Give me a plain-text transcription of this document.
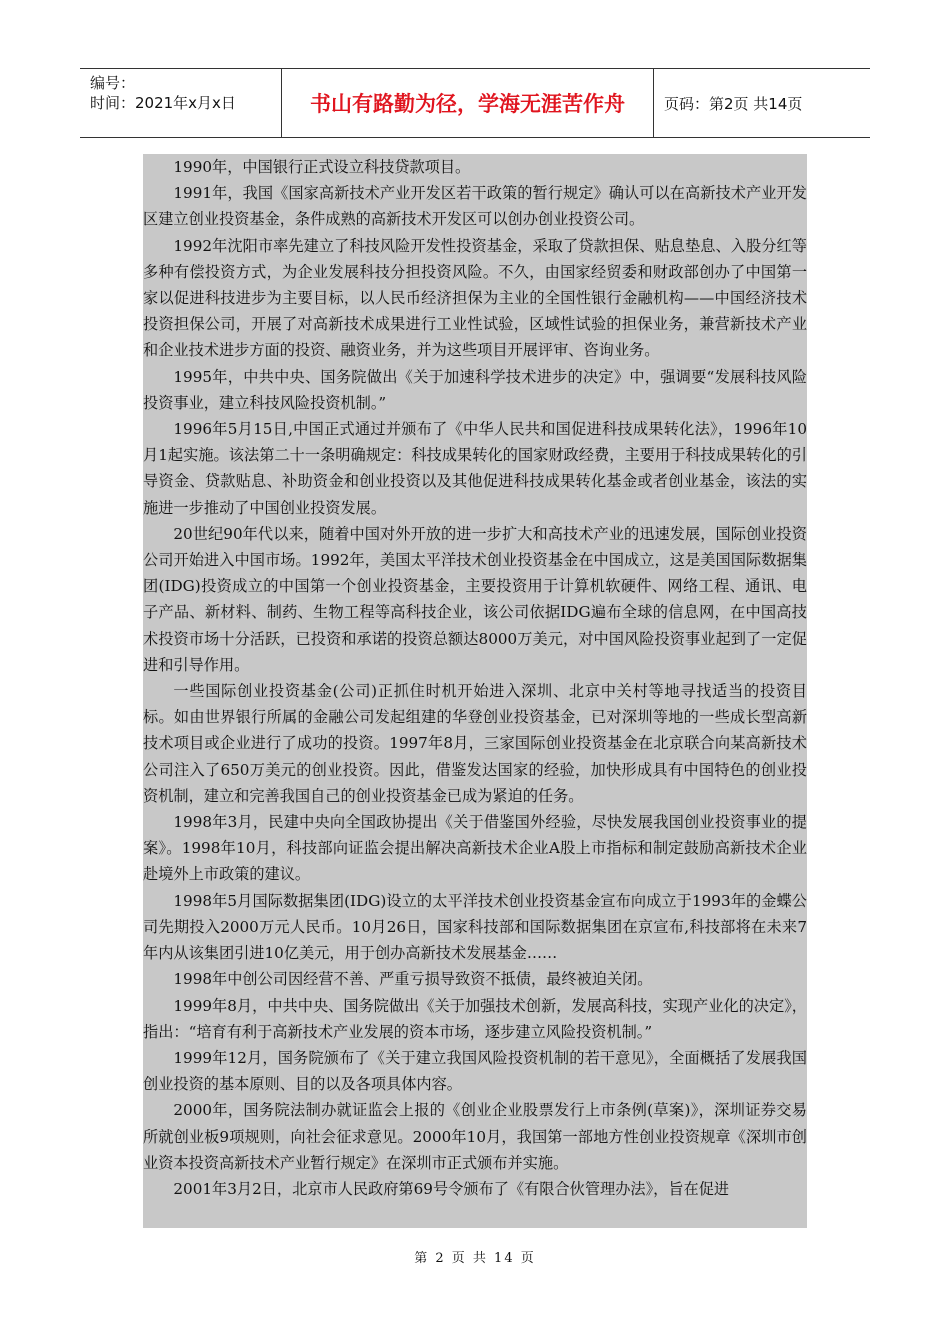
编号：
时间：2021年x月x日	书山有路勤为径，学海无涯苦作舟	页码：第2页 共14页

1990年，中国银行正式设立科技贷款项目。

1991年，我国《国家高新技术产业开发区若干政策的暂行规定》确认可以在高新技术产业开发区建立创业投资基金，条件成熟的高新技术开发区可以创办创业投资公司。

1992年沈阳市率先建立了科技风险开发性投资基金，采取了贷款担保、贴息垫息、入股分红等多种有偿投资方式，为企业发展科技分担投资风险。不久，由国家经贸委和财政部创办了中国第一家以促进科技进步为主要目标，以人民币经济担保为主业的全国性银行金融机构——中国经济技术投资担保公司，开展了对高新技术成果进行工业性试验，区域性试验的担保业务，兼营新技术产业和企业技术进步方面的投资、融资业务，并为这些项目开展评审、咨询业务。

1995年，中共中央、国务院做出《关于加速科学技术进步的决定》中，强调要“发展科技风险投资事业，建立科技风险投资机制。”

1996年5月15日,中国正式通过并颁布了《中华人民共和国促进科技成果转化法》，1996年10月1起实施。该法第二十一条明确规定：科技成果转化的国家财政经费，主要用于科技成果转化的引导资金、贷款贴息、补助资金和创业投资以及其他促进科技成果转化基金或者创业基金，该法的实施进一步推动了中国创业投资发展。

20世纪90年代以来，随着中国对外开放的进一步扩大和高技术产业的迅速发展，国际创业投资公司开始进入中国市场。1992年，美国太平洋技术创业投资基金在中国成立，这是美国国际数据集团(IDG)投资成立的中国第一个创业投资基金，主要投资用于计算机软硬件、网络工程、通讯、电子产品、新材料、制药、生物工程等高科技企业，该公司依据IDG遍布全球的信息网，在中国高技术投资市场十分活跃，已投资和承诺的投资总额达8000万美元，对中国风险投资事业起到了一定促进和引导作用。

一些国际创业投资基金(公司)正抓住时机开始进入深圳、北京中关村等地寻找适当的投资目标。如由世界银行所属的金融公司发起组建的华登创业投资基金，已对深圳等地的一些成长型高新技术项目或企业进行了成功的投资。1997年8月，三家国际创业投资基金在北京联合向某高新技术公司注入了650万美元的创业投资。因此，借鉴发达国家的经验，加快形成具有中国特色的创业投资机制，建立和完善我国自己的创业投资基金已成为紧迫的任务。

1998年3月，民建中央向全国政协提出《关于借鉴国外经验，尽快发展我国创业投资事业的提案》。1998年10月，科技部向证监会提出解决高新技术企业A股上市指标和制定鼓励高新技术企业赴境外上市政策的建议。

1998年5月国际数据集团(IDG)设立的太平洋技术创业投资基金宣布向成立于1993年的金蝶公司先期投入2000万元人民币。10月26日，国家科技部和国际数据集团在京宣布,科技部将在未来7年内从该集团引进10亿美元，用于创办高新技术发展基金……

1998年中创公司因经营不善、严重亏损导致资不抵债，最终被迫关闭。

1999年8月，中共中央、国务院做出《关于加强技术创新，发展高科技，实现产业化的决定》，指出：“培育有利于高新技术产业发展的资本市场，逐步建立风险投资机制。”

1999年12月，国务院颁布了《关于建立我国风险投资机制的若干意见》，全面概括了发展我国创业投资的基本原则、目的以及各项具体内容。

2000年，国务院法制办就证监会上报的《创业企业股票发行上市条例(草案)》，深圳证券交易所就创业板9项规则，向社会征求意见。2000年10月，我国第一部地方性创业投资规章《深圳市创业资本投资高新技术产业暂行规定》在深圳市正式颁布并实施。

2001年3月2日，北京市人民政府第69号令颁布了《有限合伙管理办法》，旨在促进

第 2 页 共 14 页
